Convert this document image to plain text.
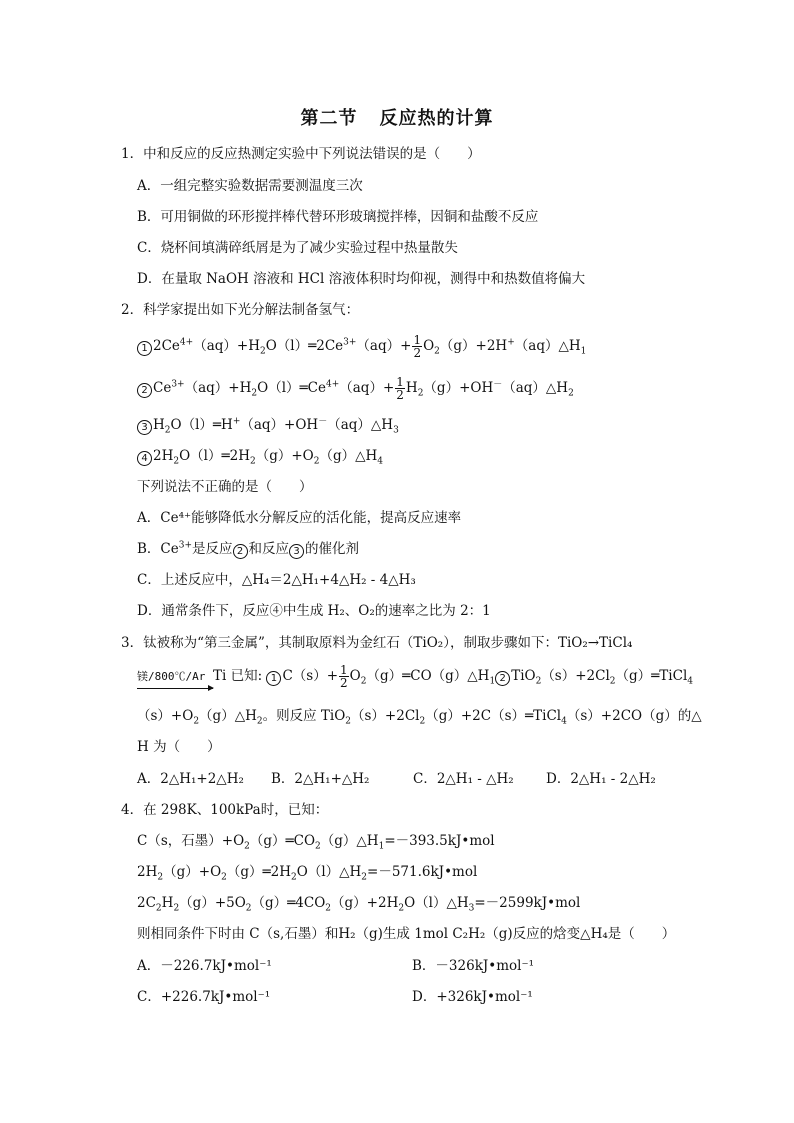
第二节 反应热的计算
1．中和反应的反应热测定实验中下列说法错误的是（　　）
A．一组完整实验数据需要测温度三次
B．可用铜做的环形搅拌棒代替环形玻璃搅拌棒，因铜和盐酸不反应
C．烧杯间填满碎纸屑是为了减少实验过程中热量散失
D．在量取 NaOH 溶液和 HCl 溶液体积时均仰视，测得中和热数值将偏大
2．科学家提出如下光分解法制备氢气：
1 $2Ce^{4+}(aq)+H_2O(l)═2Ce^{3+}(aq)+ \frac{1}{2}$ $O_2(g)+2H^+(aq)\triangle H_1$
2 $Ce^{3+}(aq)+H_2O(l)═Ce^{4+}(aq)+ \frac{1}{2}$ $H_2(g)+OH^-(aq)\triangle H_2$
3 $H_2O(l)═H^+(aq)+OH^-(aq)\triangle H_3$
4 $2H_2O(l)═2H_2(g)+O_2(g)\triangle H_4$
下列说法不正确的是（　　）
A．Ce⁴⁺能够降低水分解反应的活化能，提高反应速率
B．$Ce^{3+}$是反应 2 和反应 3 的催化剂
C．上述反应中，△H₄＝2△H₁+4△H₂ - 4△H₃
D．通常条件下，反应④中生成 H₂、O₂的速率之比为 2：1
3．钛被称为“第三金属”，其制取原料为金红石（TiO₂），制取步骤如下：TiO₂→TiCl₄
镁/800℃/Ar Ti 已知: 1 $C(s)+ \frac{1}{2}$ $O_2(g)═CO(g)\triangle H_1$ 2 $TiO_2(s)+2Cl_2(g)═TiCl_4$
$(s)+O_2(g)\triangle H_2$。则反应 $TiO_2(s)+2Cl_2(g)+2C(s)═TiCl_4(s)+2CO(g)$的△
H 为（　　）
A．2△H₁+2△H₂ B．2△H₁+△H₂	C．2△H₁ - △H₂ D．2△H₁ - 2△H₂
4．在 298K、100kPa时，已知：
C（s，石墨）$+O_2(g)═CO_2(g)\triangle H_1=-393.5kJ•mol$
$2H_2(g)+O_2(g)═2H_2O(l)\triangle H_2=-571.6kJ•mol$
$2C_2H_2(g)+5O_2(g)═4CO_2(g)+2H_2O(l)\triangle H_3=-2599kJ•mol$
则相同条件下时由 C（s,石墨）和H₂（g)生成 1mol C₂H₂（g)反应的焓变△H₄是（　　）
A．－226.7kJ•mol⁻¹	B．－326kJ•mol⁻¹
C．+226.7kJ•mol⁻¹	D．+326kJ•mol⁻¹
